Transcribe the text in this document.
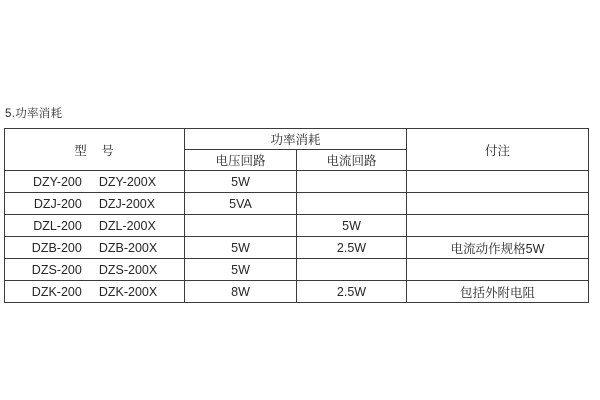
5.功率消耗
型　号	功率消耗		付注
	电压回路	电流回路	

DZY-200 DZY-200X	5W		

DZJ-200 DZJ-200X	5VA		

DZL-200 DZL-200X		5W	

DZB-200 DZB-200X	5W	2.5W	电流动作规格5W

DZS-200 DZS-200X	5W		

DZK-200 DZK-200X	8W	2.5W	包括外附电阻
